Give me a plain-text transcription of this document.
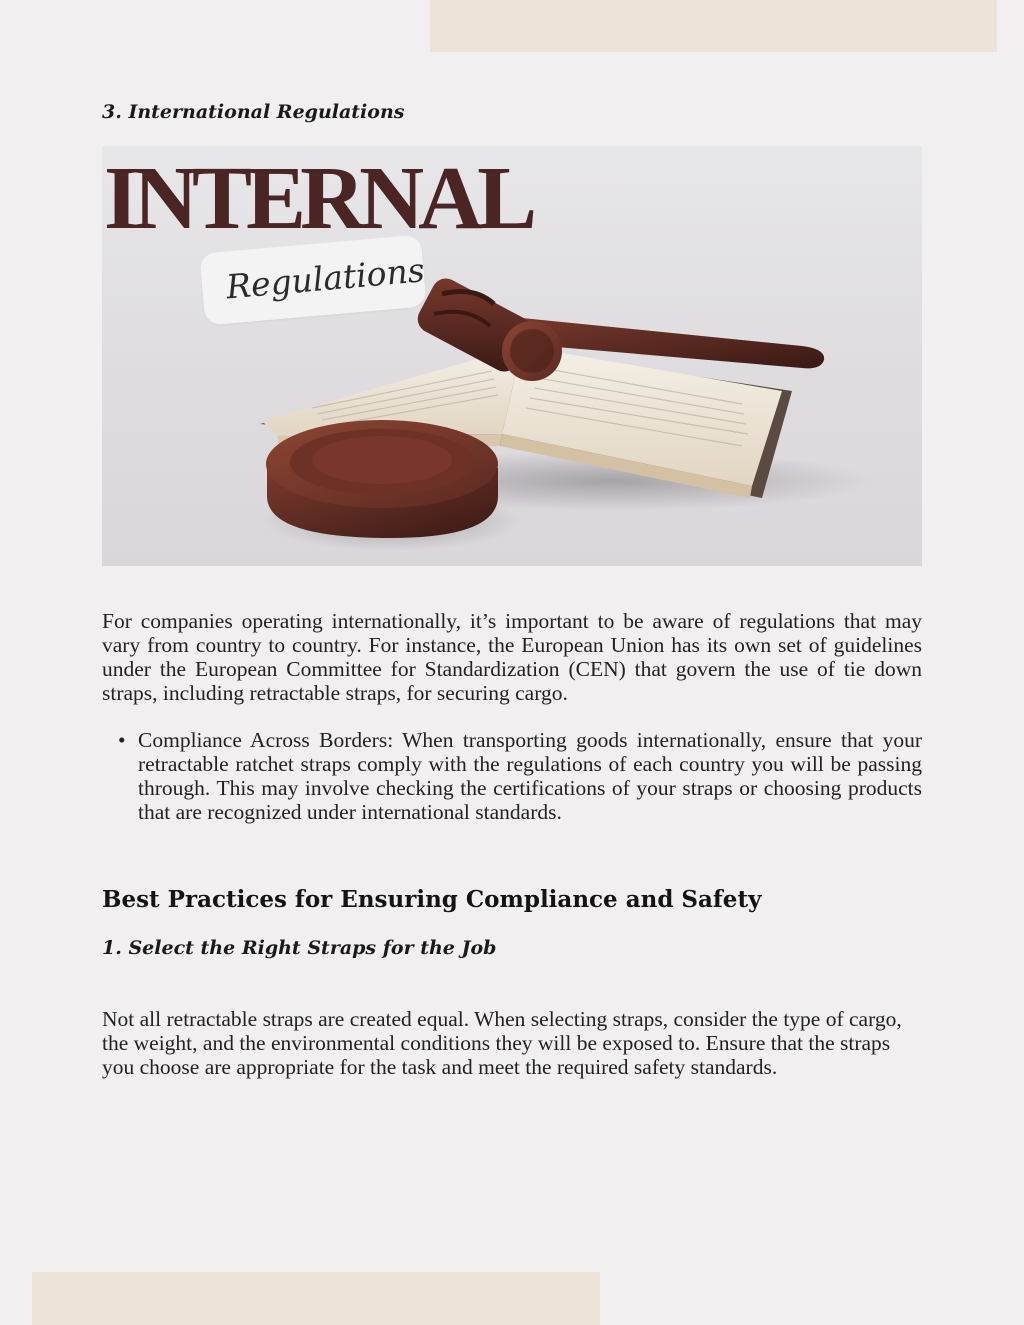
3. International Regulations
INTERNAL
Regulations

For companies operating internationally, it’s important to be aware of regulations that may vary from country to country. For instance, the European Union has its own set of guidelines under the European Committee for Standardization (CEN) that govern the use of tie down straps, including retractable straps, for securing cargo.

• Compliance Across Borders: When transporting goods internationally, ensure that your retractable ratchet straps comply with the regulations of each country you will be passing through. This may involve checking the certifications of your straps or choosing products that are recognized under international standards.
Best Practices for Ensuring Compliance and Safety
1. Select the Right Straps for the Job

Not all retractable straps are created equal. When selecting straps, consider the type of cargo, the weight, and the environmental conditions they will be exposed to. Ensure that the straps you choose are appropriate for the task and meet the required safety standards.
